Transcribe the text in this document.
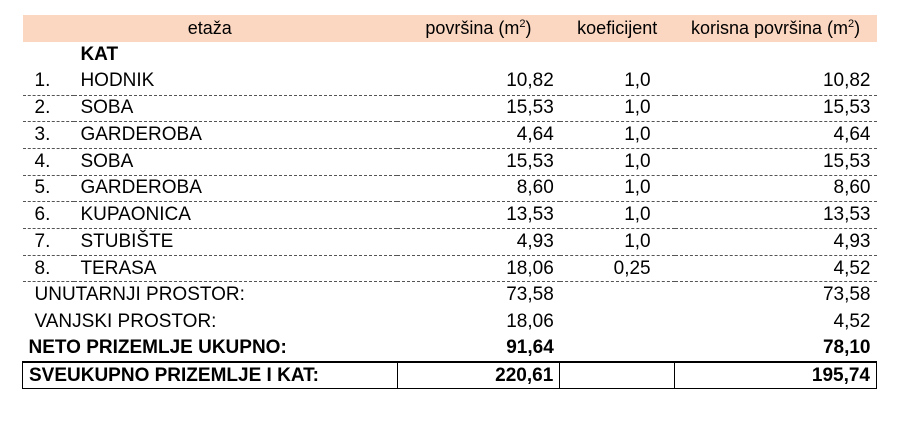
etaža		površina $(m^2)$	koeficijent	korisna površina $(m^2)$
	KAT			
1.	HODNIK	10,82	1,0	10,82
2.	SOBA	15,53	1,0	15,53
3.	GARDEROBA	4,64	1,0	4,64
4.	SOBA	15,53	1,0	15,53
5.	GARDEROBA	8,60	1,0	8,60
6.	KUPAONICA	13,53	1,0	13,53
7.	STUBIŠTE	4,93	1,0	4,93
8.	TERASA	18,06	0,25	4,52
UNUTARNJI PROSTOR:		73,58		73,58
VANJSKI PROSTOR:		18,06		4,52
NETO PRIZEMLJE UKUPNO:		91,64		78,10
SVEUKUPNO PRIZEMLJE I KAT:		220,61		195,74
